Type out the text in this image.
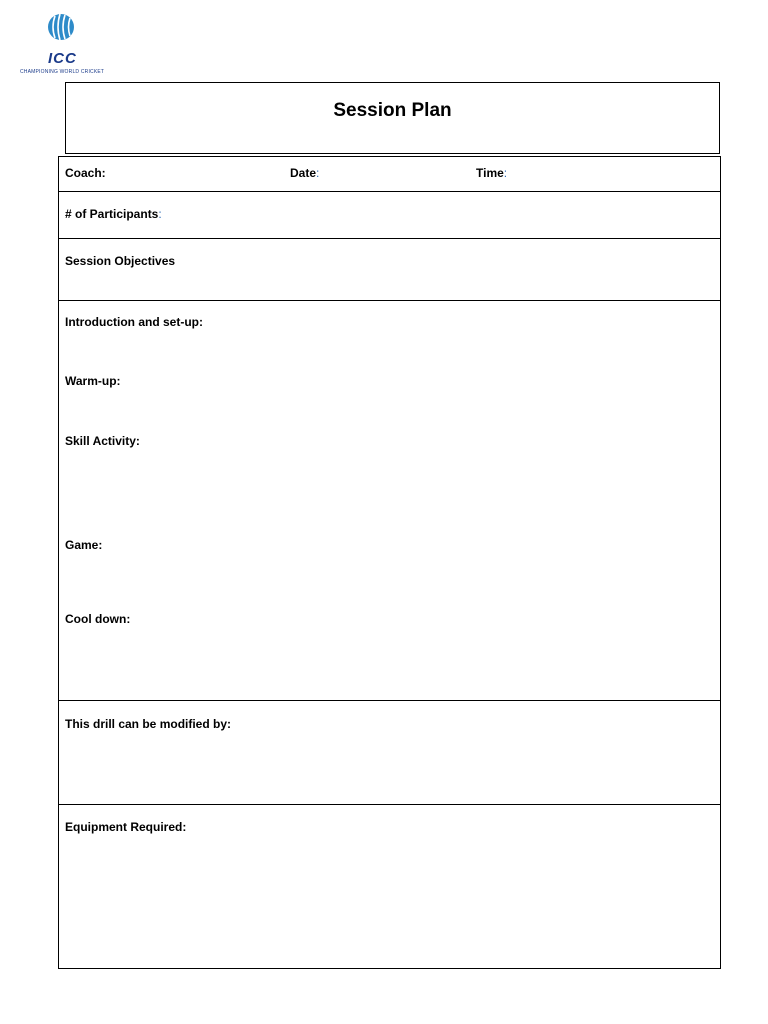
ICC
CHAMPIONING WORLD CRICKET
Session Plan
Coach:	Date:	Time:
# of Participants:
Session Objectives
Introduction and set-up:
Warm-up:
Skill Activity:
Game:
Cool down:
This drill can be modified by:
Equipment Required:
